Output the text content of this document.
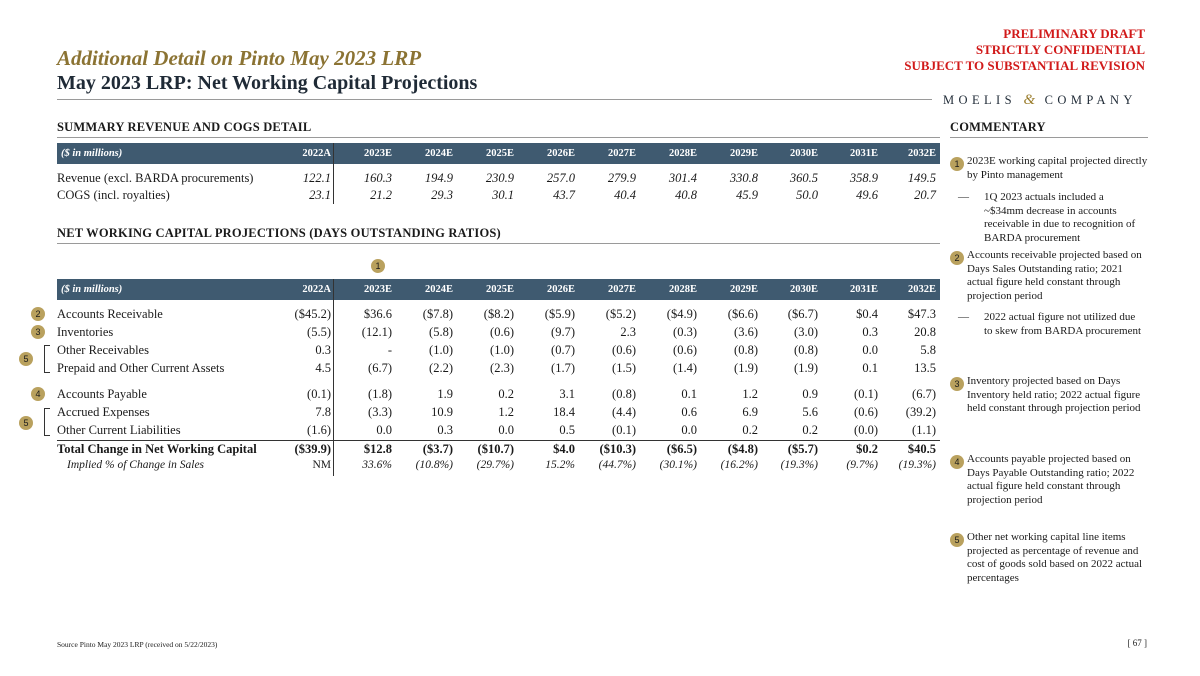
Additional Detail on Pinto May 2023 LRP
May 2023 LRP: Net Working Capital Projections
PRELIMINARY DRAFT
STRICTLY CONFIDENTIAL
SUBJECT TO SUBSTANTIAL REVISION
MOELIS & COMPANY
SUMMARY REVENUE AND COGS DETAIL
($ in millions)	2022A	2023E	2024E	2025E	2026E	2027E	2028E	2029E	2030E	2031E	2032E
Revenue (excl. BARDA procurements)	122.1	160.3	194.9	230.9	257.0	279.9	301.4	330.8	360.5	358.9	149.5
COGS (incl. royalties)	23.1	21.2	29.3	30.1	43.7	40.4	40.8	45.9	50.0	49.6	20.7
NET WORKING CAPITAL PROJECTIONS (DAYS OUTSTANDING RATIOS)
1
($ in millions)	2022A	2023E	2024E	2025E	2026E	2027E	2028E	2029E	2030E	2031E	2032E
2
3
5
4
5
Accounts Receivable	($45.2)	$36.6	($7.8)	($8.2)	($5.9)	($5.2)	($4.9)	($6.6)	($6.7)	$0.4	$47.3
Inventories	(5.5)	(12.1)	(5.8)	(0.6)	(9.7)	2.3	(0.3)	(3.6)	(3.0)	0.3	20.8
Other Receivables	0.3	-	(1.0)	(1.0)	(0.7)	(0.6)	(0.6)	(0.8)	(0.8)	0.0	5.8
Prepaid and Other Current Assets	4.5	(6.7)	(2.2)	(2.3)	(1.7)	(1.5)	(1.4)	(1.9)	(1.9)	0.1	13.5
Accounts Payable	(0.1)	(1.8)	1.9	0.2	3.1	(0.8)	0.1	1.2	0.9	(0.1)	(6.7)
Accrued Expenses	7.8	(3.3)	10.9	1.2	18.4	(4.4)	0.6	6.9	5.6	(0.6)	(39.2)
Other Current Liabilities	(1.6)	0.0	0.3	0.0	0.5	(0.1)	0.0	0.2	0.2	(0.0)	(1.1)
Total Change in Net Working Capital	($39.9)	$12.8	($3.7)	($10.7)	$4.0	($10.3)	($6.5)	($4.8)	($5.7)	$0.2	$40.5
Implied % of Change in Sales	NM	33.6%	(10.8%)	(29.7%)	15.2%	(44.7%)	(30.1%)	(16.2%)	(19.3%)	(9.7%)	(19.3%)
COMMENTARY
1 2023E working capital projected directly by Pinto management
— 1Q 2023 actuals included a ~$34mm decrease in accounts receivable in due to recognition of BARDA procurement
2 Accounts receivable projected based on Days Sales Outstanding ratio; 2021 actual figure held constant through projection period
— 2022 actual figure not utilized due to skew from BARDA procurement
3 Inventory projected based on Days Inventory held ratio; 2022 actual figure held constant through projection period
4 Accounts payable projected based on Days Payable Outstanding ratio; 2022 actual figure held constant through projection period
5 Other net working capital line items projected as percentage of revenue and cost of goods sold based on 2022 actual percentages
Source Pinto May 2023 LRP (received on 5/22/2023)	[ 67 ]
